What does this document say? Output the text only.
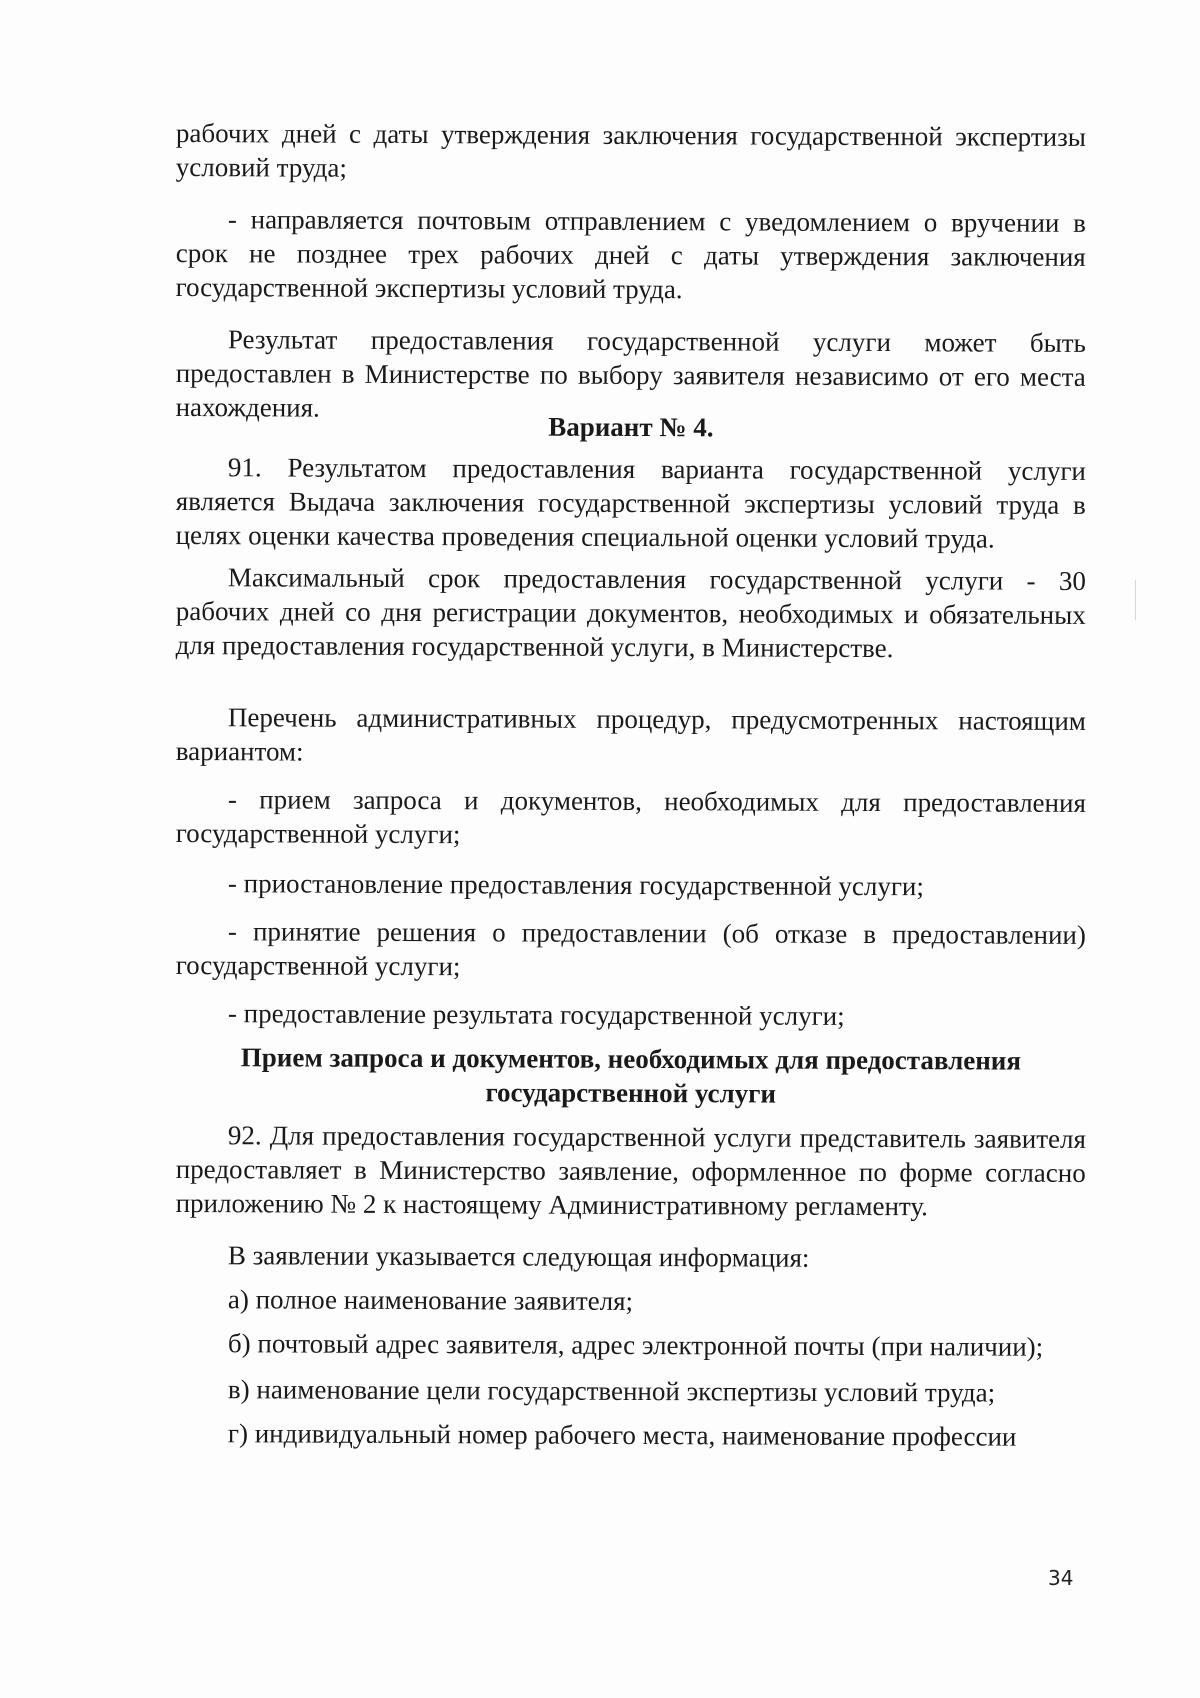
рабочих дней с даты утверждения заключения государственной экспертизы условий труда;

- направляется почтовым отправлением с уведомлением о вручении в срок не позднее трех рабочих дней с даты утверждения заключения государственной экспертизы условий труда.

Результат предоставления государственной услуги может быть предоставлен в Министерстве по выбору заявителя независимо от его места нахождения.

Вариант № 4.

91. Результатом предоставления варианта государственной услуги является Выдача заключения государственной экспертизы условий труда в целях оценки качества проведения специальной оценки условий труда.

Максимальный срок предоставления государственной услуги - 30 рабочих дней со дня регистрации документов, необходимых и обязательных для предоставления государственной услуги, в Министерстве.

Перечень административных процедур, предусмотренных настоящим вариантом:

- прием запроса и документов, необходимых для предоставления государственной услуги;

- приостановление предоставления государственной услуги;

- принятие решения о предоставлении (об отказе в предоставлении) государственной услуги;

- предоставление результата государственной услуги;

Прием запроса и документов, необходимых для предоставления государственной услуги

92. Для предоставления государственной услуги представитель заявителя предоставляет в Министерство заявление, оформленное по форме согласно приложению № 2 к настоящему Административному регламенту.

В заявлении указывается следующая информация:

а) полное наименование заявителя;

б) почтовый адрес заявителя, адрес электронной почты (при наличии);

в) наименование цели государственной экспертизы условий труда;

г) индивидуальный номер рабочего места, наименование профессии

34
